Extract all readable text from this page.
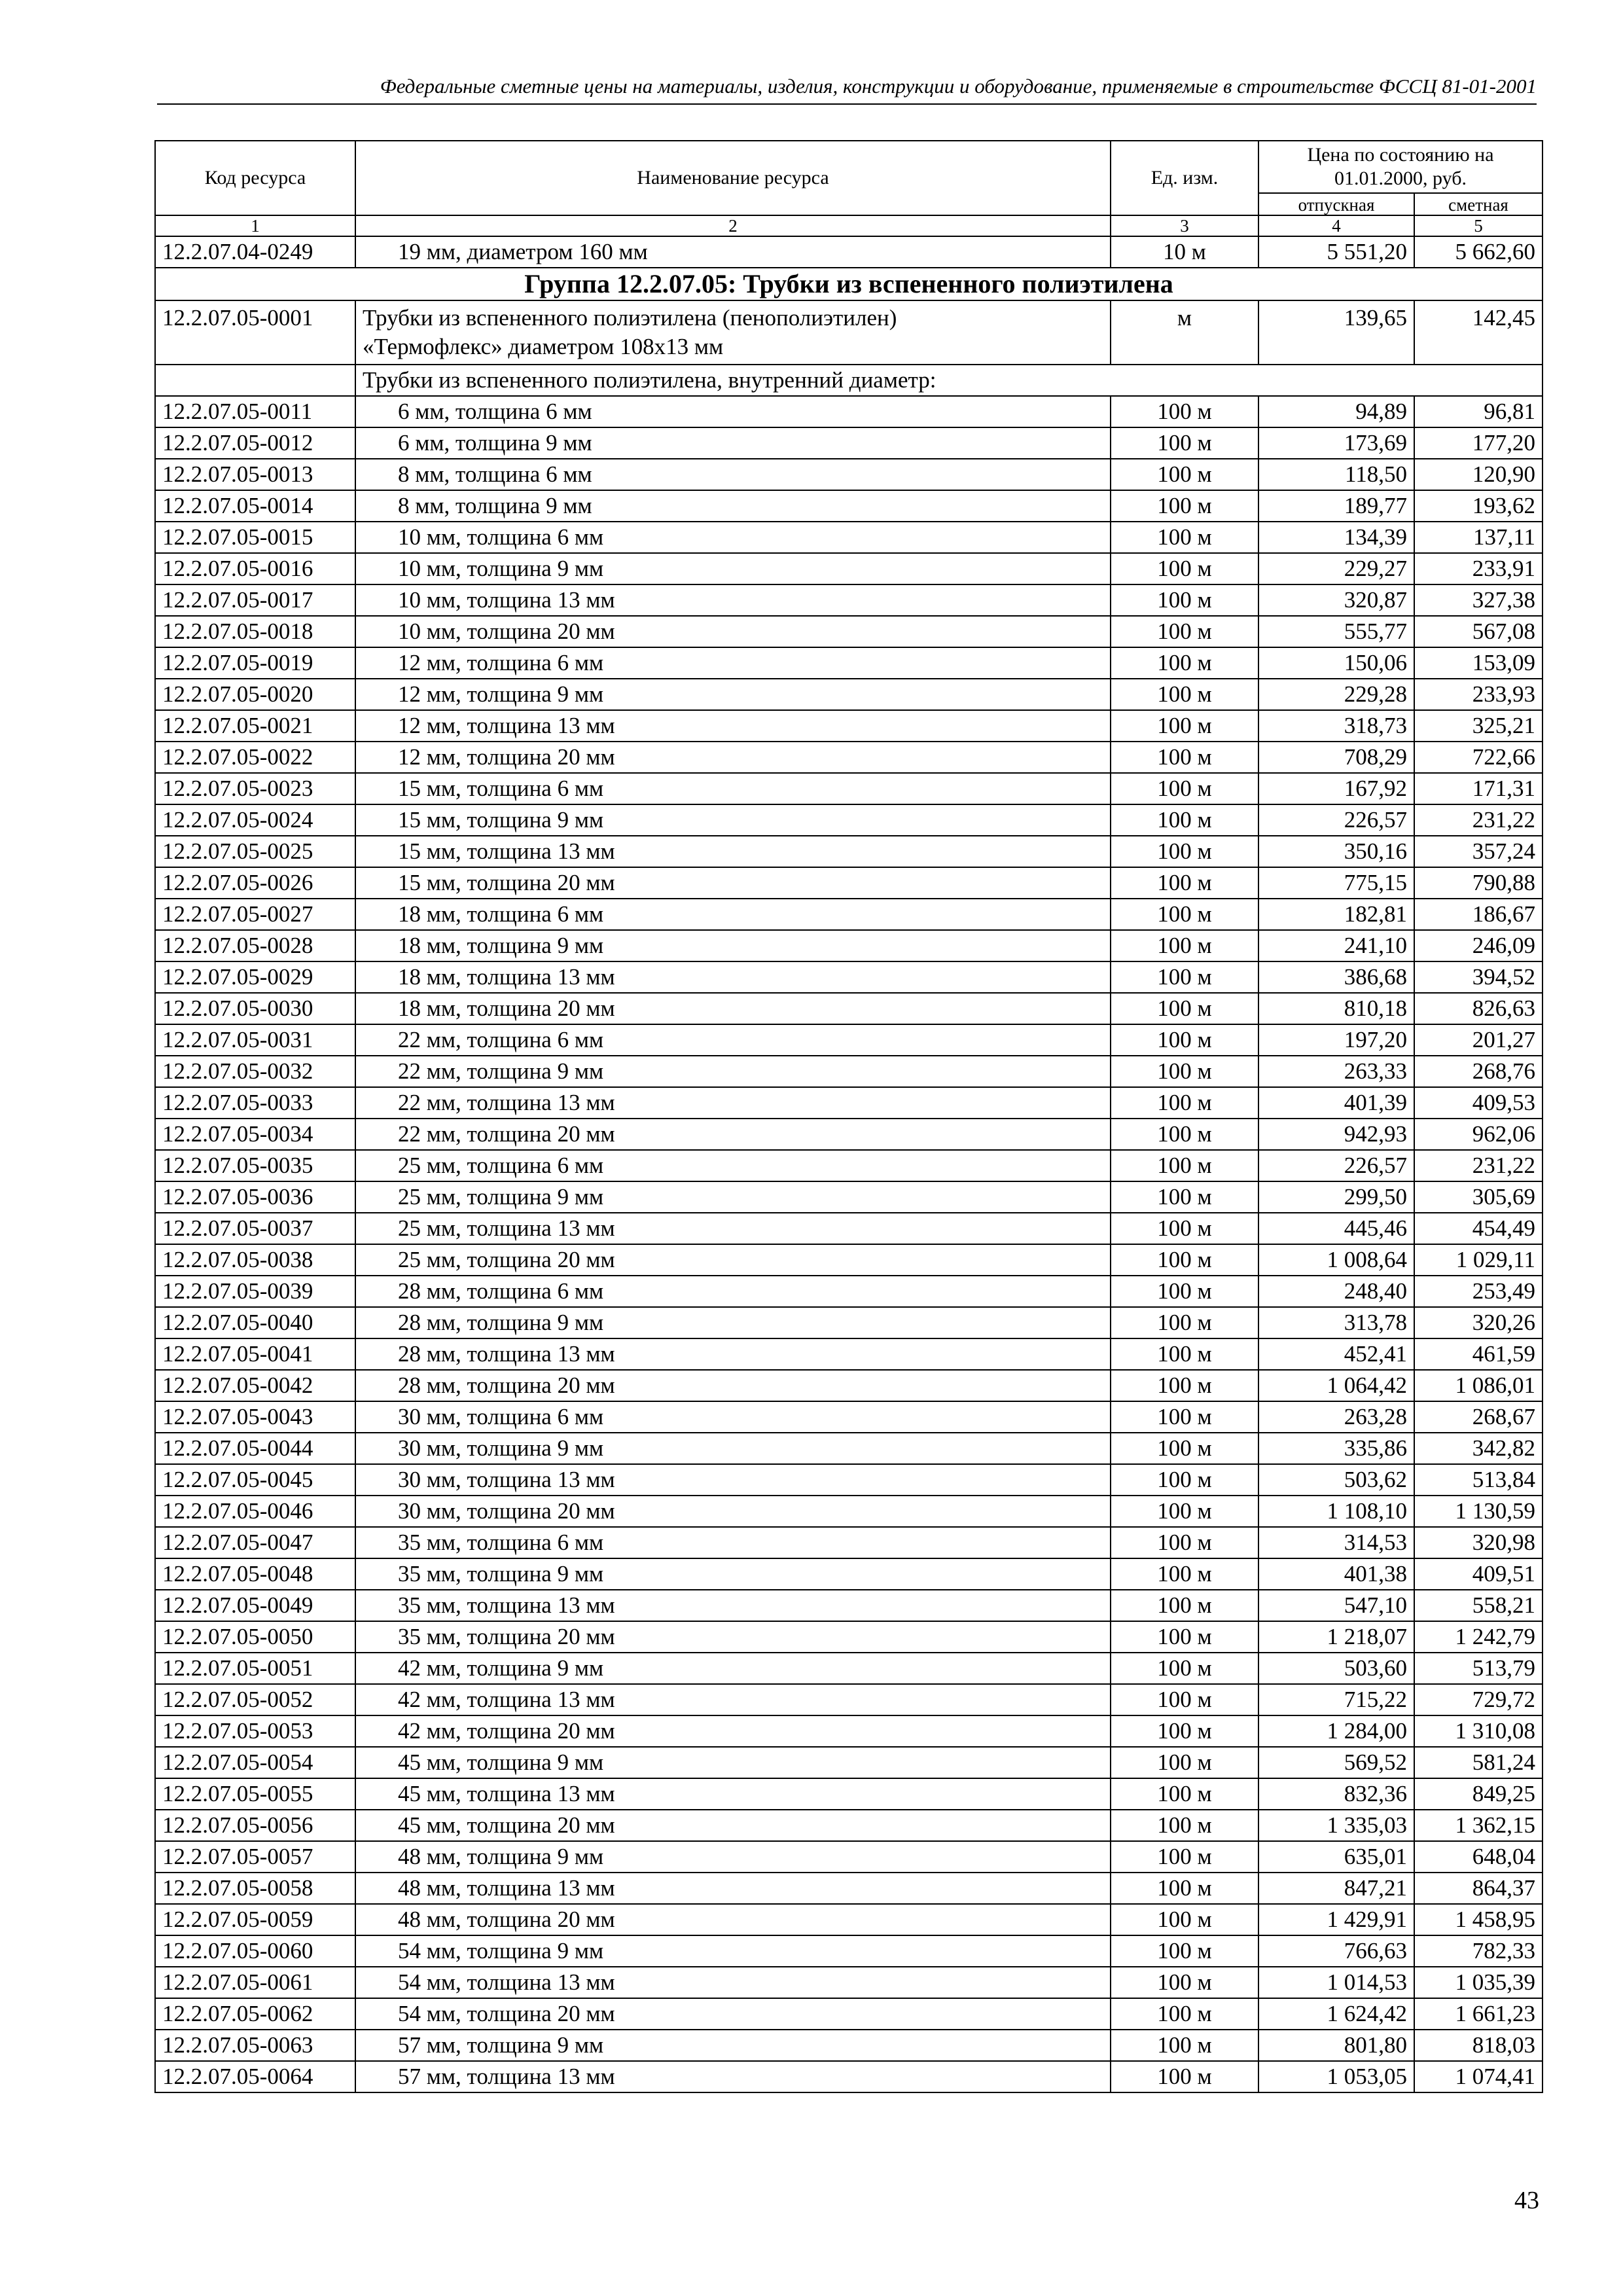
Федеральные сметные цены на материалы, изделия, конструкции и оборудование, применяемые в строительстве ФССЦ 81-01-2001
Код ресурса	Наименование ресурса	Ед. изм.	Цена по состоянию на 01.01.2000, руб.	
			отпускная	сметная
1	2	3	4	5
12.2.07.04-0249	19 мм, диаметром 160 мм	10 м	5 551,20	5 662,60
Группа 12.2.07.05: Трубки из вспененного полиэтилена				
12.2.07.05-0001	Трубки из вспененного полиэтилена (пенополиэтилен)
«Термофлекс» диаметром 108х13 мм	м	139,65	142,45
	Трубки из вспененного полиэтилена, внутренний диаметр:			
12.2.07.05-0011	6 мм, толщина 6 мм	100 м	94,89	96,81
12.2.07.05-0012	6 мм, толщина 9 мм	100 м	173,69	177,20
12.2.07.05-0013	8 мм, толщина 6 мм	100 м	118,50	120,90
12.2.07.05-0014	8 мм, толщина 9 мм	100 м	189,77	193,62
12.2.07.05-0015	10 мм, толщина 6 мм	100 м	134,39	137,11
12.2.07.05-0016	10 мм, толщина 9 мм	100 м	229,27	233,91
12.2.07.05-0017	10 мм, толщина 13 мм	100 м	320,87	327,38
12.2.07.05-0018	10 мм, толщина 20 мм	100 м	555,77	567,08
12.2.07.05-0019	12 мм, толщина 6 мм	100 м	150,06	153,09
12.2.07.05-0020	12 мм, толщина 9 мм	100 м	229,28	233,93
12.2.07.05-0021	12 мм, толщина 13 мм	100 м	318,73	325,21
12.2.07.05-0022	12 мм, толщина 20 мм	100 м	708,29	722,66
12.2.07.05-0023	15 мм, толщина 6 мм	100 м	167,92	171,31
12.2.07.05-0024	15 мм, толщина 9 мм	100 м	226,57	231,22
12.2.07.05-0025	15 мм, толщина 13 мм	100 м	350,16	357,24
12.2.07.05-0026	15 мм, толщина 20 мм	100 м	775,15	790,88
12.2.07.05-0027	18 мм, толщина 6 мм	100 м	182,81	186,67
12.2.07.05-0028	18 мм, толщина 9 мм	100 м	241,10	246,09
12.2.07.05-0029	18 мм, толщина 13 мм	100 м	386,68	394,52
12.2.07.05-0030	18 мм, толщина 20 мм	100 м	810,18	826,63
12.2.07.05-0031	22 мм, толщина 6 мм	100 м	197,20	201,27
12.2.07.05-0032	22 мм, толщина 9 мм	100 м	263,33	268,76
12.2.07.05-0033	22 мм, толщина 13 мм	100 м	401,39	409,53
12.2.07.05-0034	22 мм, толщина 20 мм	100 м	942,93	962,06
12.2.07.05-0035	25 мм, толщина 6 мм	100 м	226,57	231,22
12.2.07.05-0036	25 мм, толщина 9 мм	100 м	299,50	305,69
12.2.07.05-0037	25 мм, толщина 13 мм	100 м	445,46	454,49
12.2.07.05-0038	25 мм, толщина 20 мм	100 м	1 008,64	1 029,11
12.2.07.05-0039	28 мм, толщина 6 мм	100 м	248,40	253,49
12.2.07.05-0040	28 мм, толщина 9 мм	100 м	313,78	320,26
12.2.07.05-0041	28 мм, толщина 13 мм	100 м	452,41	461,59
12.2.07.05-0042	28 мм, толщина 20 мм	100 м	1 064,42	1 086,01
12.2.07.05-0043	30 мм, толщина 6 мм	100 м	263,28	268,67
12.2.07.05-0044	30 мм, толщина 9 мм	100 м	335,86	342,82
12.2.07.05-0045	30 мм, толщина 13 мм	100 м	503,62	513,84
12.2.07.05-0046	30 мм, толщина 20 мм	100 м	1 108,10	1 130,59
12.2.07.05-0047	35 мм, толщина 6 мм	100 м	314,53	320,98
12.2.07.05-0048	35 мм, толщина 9 мм	100 м	401,38	409,51
12.2.07.05-0049	35 мм, толщина 13 мм	100 м	547,10	558,21
12.2.07.05-0050	35 мм, толщина 20 мм	100 м	1 218,07	1 242,79
12.2.07.05-0051	42 мм, толщина 9 мм	100 м	503,60	513,79
12.2.07.05-0052	42 мм, толщина 13 мм	100 м	715,22	729,72
12.2.07.05-0053	42 мм, толщина 20 мм	100 м	1 284,00	1 310,08
12.2.07.05-0054	45 мм, толщина 9 мм	100 м	569,52	581,24
12.2.07.05-0055	45 мм, толщина 13 мм	100 м	832,36	849,25
12.2.07.05-0056	45 мм, толщина 20 мм	100 м	1 335,03	1 362,15
12.2.07.05-0057	48 мм, толщина 9 мм	100 м	635,01	648,04
12.2.07.05-0058	48 мм, толщина 13 мм	100 м	847,21	864,37
12.2.07.05-0059	48 мм, толщина 20 мм	100 м	1 429,91	1 458,95
12.2.07.05-0060	54 мм, толщина 9 мм	100 м	766,63	782,33
12.2.07.05-0061	54 мм, толщина 13 мм	100 м	1 014,53	1 035,39
12.2.07.05-0062	54 мм, толщина 20 мм	100 м	1 624,42	1 661,23
12.2.07.05-0063	57 мм, толщина 9 мм	100 м	801,80	818,03
12.2.07.05-0064	57 мм, толщина 13 мм	100 м	1 053,05	1 074,41
43
